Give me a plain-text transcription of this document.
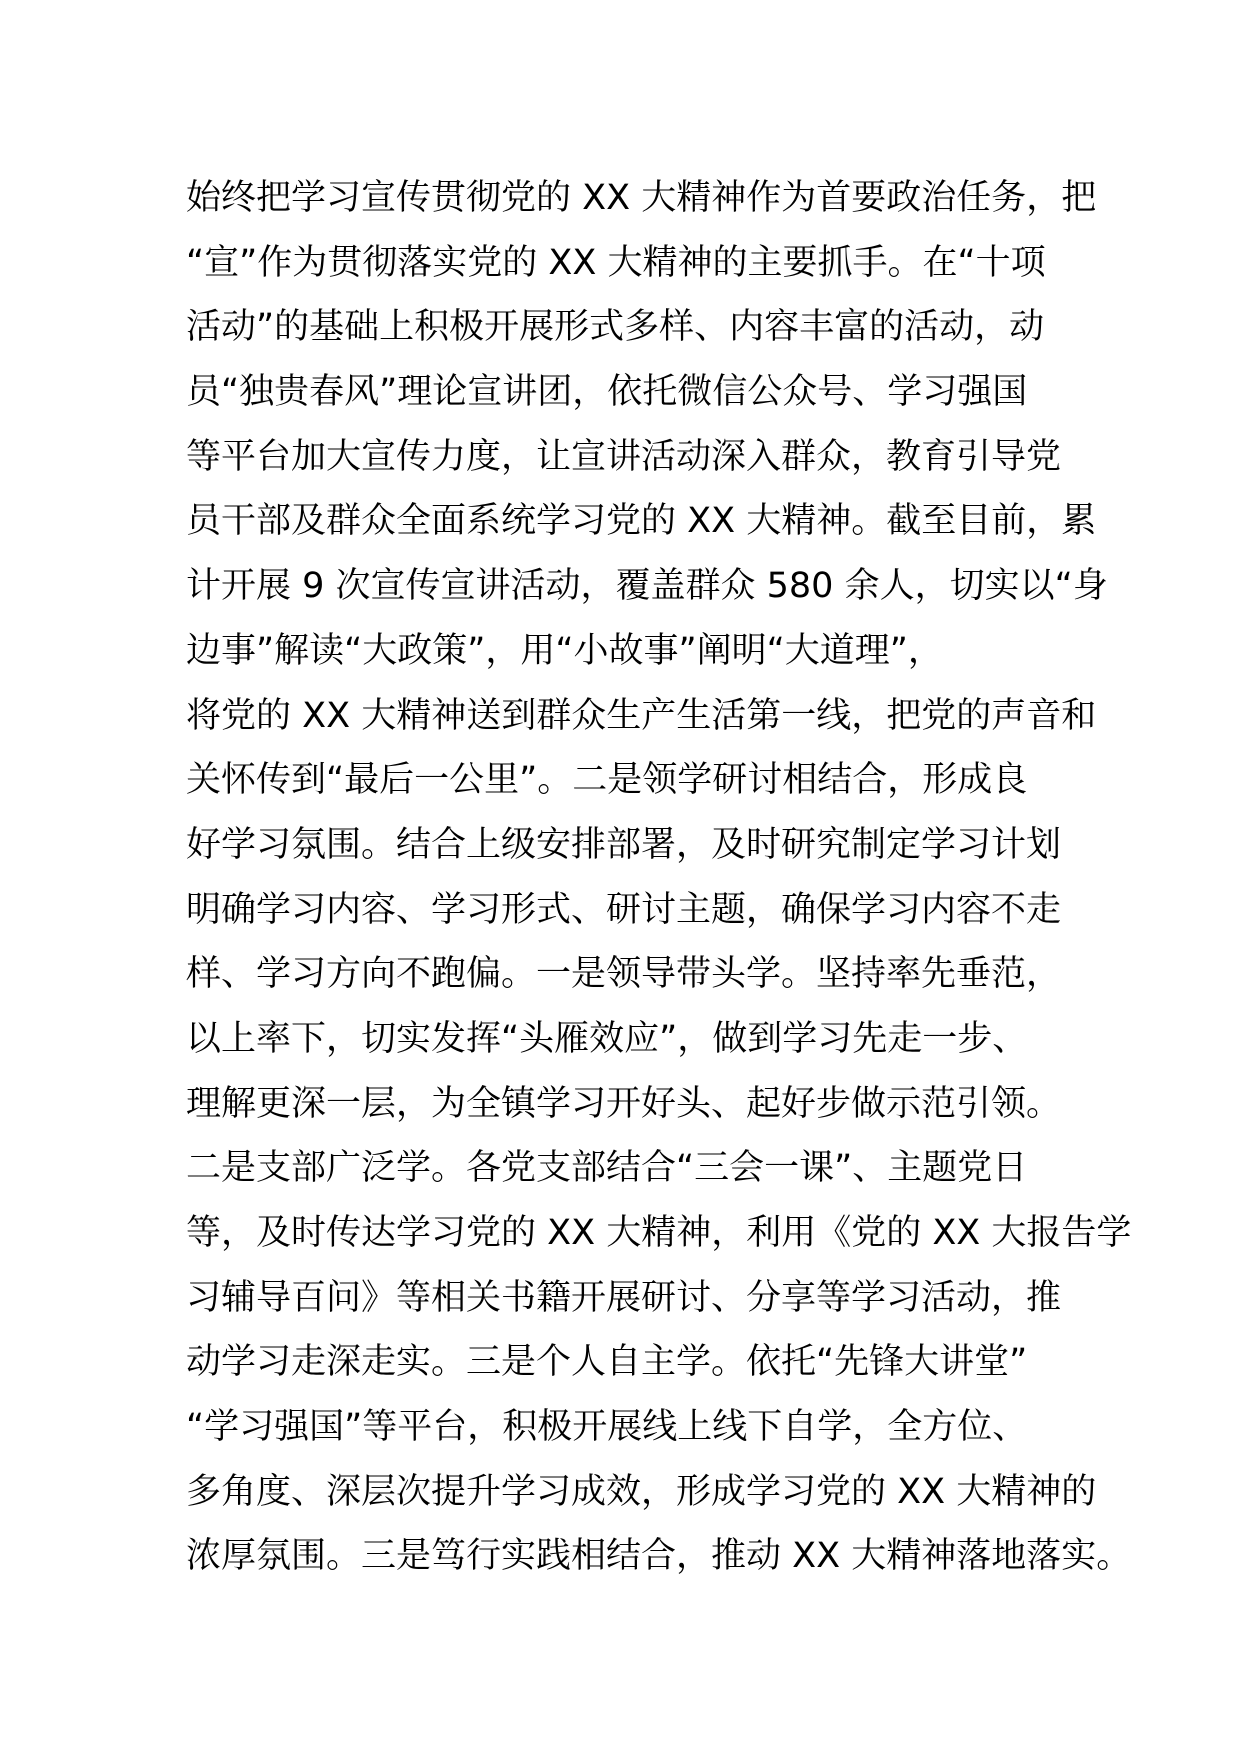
始终把学习宣传贯彻党的 XX 大精神作为首要政治任务，把
“宣”作为贯彻落实党的 XX 大精神的主要抓手。在“十项
活动”的基础上积极开展形式多样、内容丰富的活动，动
员“独贵春风”理论宣讲团，依托微信公众号、学习强国
等平台加大宣传力度，让宣讲活动深入群众，教育引导党
员干部及群众全面系统学习党的 XX 大精神。截至目前，累
计开展 9 次宣传宣讲活动，覆盖群众 580 余人，切实以“身
边事”解读“大政策”，用“小故事”阐明“大道理”，
将党的 XX 大精神送到群众生产生活第一线，把党的声音和
关怀传到“最后一公里”。二是领学研讨相结合，形成良
好学习氛围。结合上级安排部署，及时研究制定学习计划
明确学习内容、学习形式、研讨主题，确保学习内容不走
样、学习方向不跑偏。一是领导带头学。坚持率先垂范，
以上率下，切实发挥“头雁效应”，做到学习先走一步、
理解更深一层，为全镇学习开好头、起好步做示范引领。
二是支部广泛学。各党支部结合“三会一课”、主题党日
等，及时传达学习党的 XX 大精神，利用《党的 XX 大报告学
习辅导百问》等相关书籍开展研讨、分享等学习活动，推
动学习走深走实。三是个人自主学。依托“先锋大讲堂”
“学习强国”等平台，积极开展线上线下自学，全方位、
多角度、深层次提升学习成效，形成学习党的 XX 大精神的
浓厚氛围。三是笃行实践相结合，推动 XX 大精神落地落实。
